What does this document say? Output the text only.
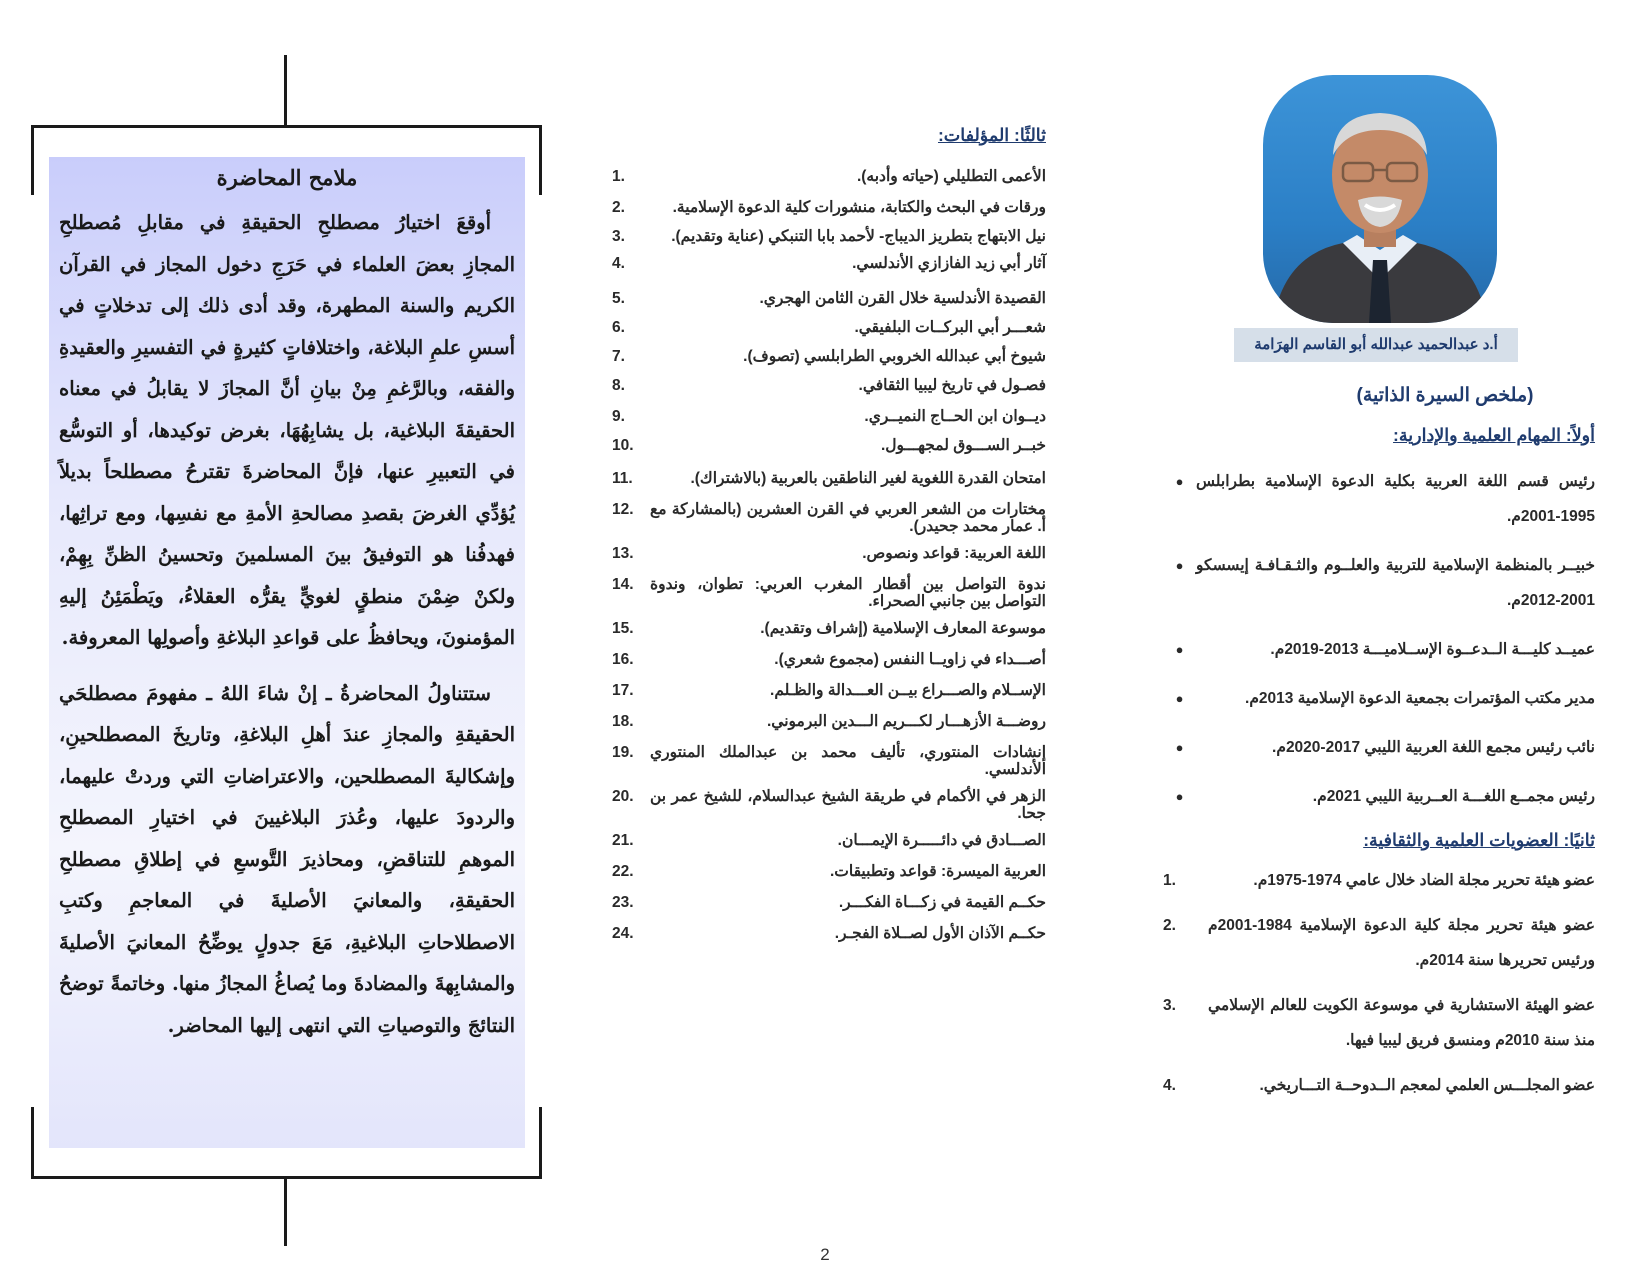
ملامح المحاضرة

أوقعَ اختيارُ مصطلحِ الحقيقةِ في مقابلِ مُصطلحِ المجازِ بعضَ العلماء في حَرَجِ دخول المجاز في القرآن الكريم والسنة المطهرة، وقد أدى ذلك إلى تدخلاتٍ في أسسِ علمِ البلاغة، واختلافاتٍ كثيرةٍ في التفسيرِ والعقيدةِ والفقه، وبالرَّغمِ مِنْ بيانِ أنَّ المجازَ لا يقابلُ في معناه الحقيقةَ البلاغية، بل يشابِهُهَا، بغرض توكيدها، أو التوسُّع في التعبيرِ عنها، فإنَّ المحاضرةَ تقترحُ مصطلحاً بديلاً يُؤدِّي الغرضَ بقصدِ مصالحةِ الأمةِ مع نفسِها، ومع تراثِها، فهدفُنا هو التوفيقُ بينَ المسلمينَ وتحسينُ الظنِّ بِهِمْ، ولكنْ ضِمْنَ منطقٍ لغويٍّ يقرُّه العقلاءُ، ويَطْمَئِنُ إليهِ المؤمنونَ، ويحافظُ على قواعدِ البلاغةِ وأصولِها المعروفة.

ستتناولُ المحاضرةُ ـ إنْ شاءَ اللهُ ـ مفهومَ مصطلحَي الحقيقةِ والمجازِ عندَ أهلِ البلاغةِ، وتاريخَ المصطلحينِ، وإشكاليةَ المصطلحين، والاعتراضاتِ التي وردتْ عليهما، والردودَ عليها، وعُذرَ البلاغيينَ في اختيارِ المصطلحِ الموهمِ للتناقضِ، ومحاذيرَ التَّوسعِ في إطلاقِ مصطلحِ الحقيقةِ، والمعانيَ الأصليةَ في المعاجمِ وكتبِ الاصطلاحاتِ البلاغيةِ، مَعَ جدولٍ يوضِّحُ المعانيَ الأصليةَ والمشابِهةَ والمضادةَ وما يُصاغُ المجازُ منها. وخاتمةً توضحُ النتائجَ والتوصياتِ التي انتهى إليها المحاضر.

ثالثًا: المؤلفات:
الأعمى التطليلي (حياته وأدبه).
1.
ورقات في البحث والكتابة، منشورات كلية الدعوة الإسلامية.
2.
نيل الابتهاج بتطريز الديباج- لأحمد بابا التنبكي (عناية وتقديم).
3.
آثار أبي زيد الفازازي الأندلسي.
4.
القصيدة الأندلسية خلال القرن الثامن الهجري.
5.
شعـــر أبي البركــات البلفيقي.
6.
شيوخ أبي عبدالله الخروبي الطرابلسي (تصوف).
7.
فصـول في تاريخ ليبيا الثقافي.
8.
ديــوان ابن الحــاج النميــري.
9.
خبــر الســـوق لمجهـــول.
10.
امتحان القدرة اللغوية لغير الناطقين بالعربية (بالاشتراك).
11.
مختارات من الشعر العربي في القرن العشرين (بالمشاركة مع أ. عمار محمد جحيدر).
12.
اللغة العربية: قواعد ونصوص.
13.
ندوة التواصل بين أقطار المغرب العربي: تطوان، وندوة التواصل بين جانبي الصحراء.
14.
موسوعة المعارف الإسلامية (إشراف وتقديم).
15.
أصـــداء في زاويــا النفس (مجموع شعري).
16.
الإســلام والصـــراع بيــن العـــدالة والظـلم.
17.
روضـــة الأزهـــار لكـــريم الـــدين البرموني.
18.
إنشادات المنتوري، تأليف محمد بن عبدالملك المنتوري الأندلسي.
19.
الزهر في الأكمام في طريقة الشيخ عبدالسلام، للشيخ عمر بن جحا.
20.
الصـــادق في دائـــــرة الإيمـــان.
21.
العربية الميسرة: قواعد وتطبيقات.
22.
حكــم القيمة في زكـــاة الفكـــر.
23.
حكــم الآذان الأول لصــلاة الفجـر.
24.
أ.د عبدالحميد عبدالله أبو القاسم الهرَامة
(ملخص السيرة الذاتية)
أولاً: المهام العلمية والإدارية:
رئيس قسم اللغة العربية بكلية الدعوة الإسلامية بطرابلس 1995-2001م.
●
خبيــر بالمنظمة الإسلامية للتربية والعلــوم والثـقـافـة إيسسكو 2001-2012م.
●
عميــد كليـــة الــدعــوة الإســلاميـــة 2013-2019م.
●
مدير مكتب المؤتمرات بجمعية الدعوة الإسلامية 2013م.
●
نائب رئيس مجمع اللغة العربية الليبي 2017-2020م.
●
رئيس مجمــع اللغـــة العــربية الليبي 2021م.
●
ثانيًا: العضويات العلمية والثقافية:
عضو هيئة تحرير مجلة الضاد خلال عامي 1974-1975م.
1.
عضو هيئة تحرير مجلة كلية الدعوة الإسلامية 1984-2001م ورئيس تحريرها سنة 2014م.
2.
عضو الهيئة الاستشارية في موسوعة الكويت للعالم الإسلامي منذ سنة 2010م ومنسق فريق ليبيا فيها.
3.
عضو المجلـــس العلمي لمعجم الــدوحــة التـــاريخي.
4.
2
